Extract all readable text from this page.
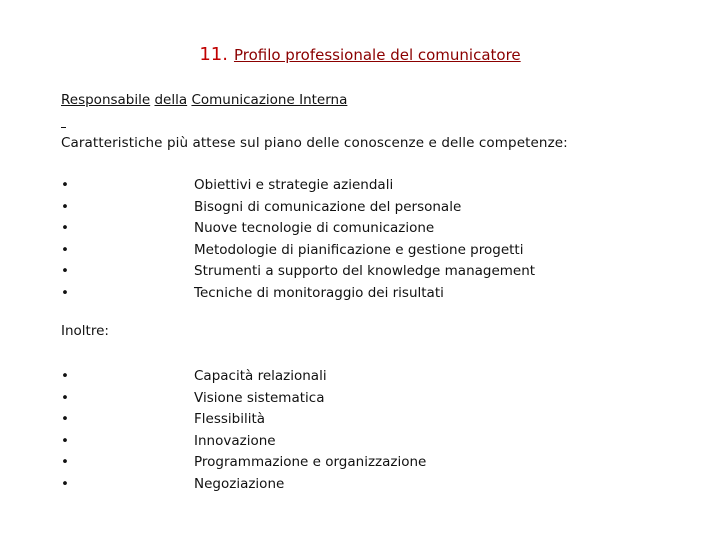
11. Profilo professionale del comunicatore
Responsabile della Comunicazione Interna
Caratteristiche più attese sul piano delle conoscenze e delle competenze:
•	Obiettivi e strategie aziendali
•	Bisogni di comunicazione del personale
•	Nuove tecnologie di comunicazione
•	Metodologie di pianificazione e gestione progetti
•	Strumenti a supporto del knowledge management
•	Tecniche di monitoraggio dei risultati
Inoltre:
•	Capacità relazionali
•	Visione sistematica
•	Flessibilità
•	Innovazione
•	Programmazione e organizzazione
•	Negoziazione
